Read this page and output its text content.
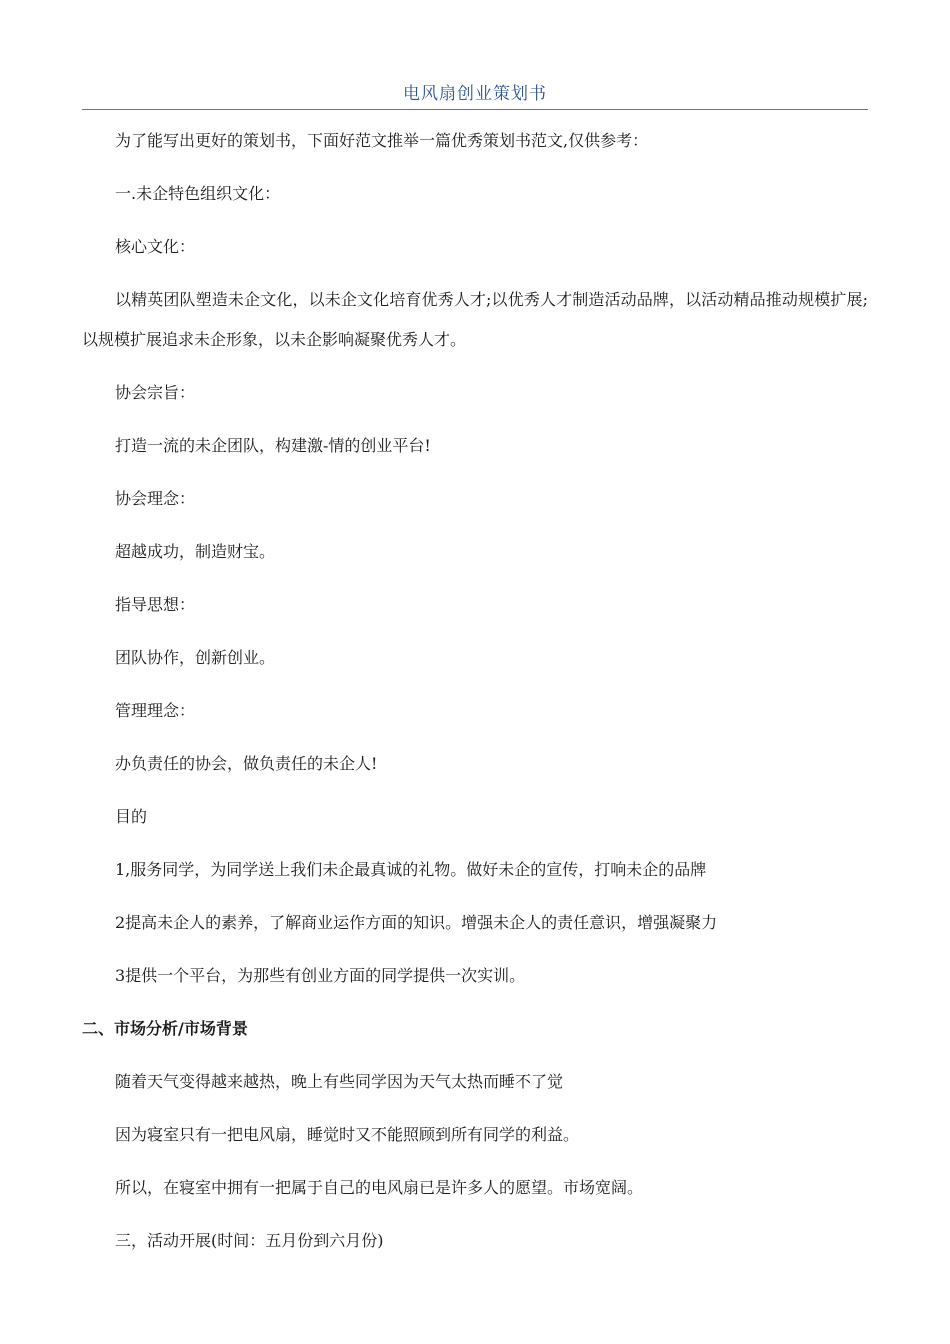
电风扇创业策划书
为了能写出更好的策划书，下面好范文推举一篇优秀策划书范文,仅供参考：
一.未企特色组织文化：
核心文化：
以精英团队塑造未企文化，以未企文化培育优秀人才;以优秀人才制造活动品牌，以活动精品推动规模扩展;以规模扩展追求未企形象，以未企影响凝聚优秀人才。
协会宗旨：
打造一流的未企团队，构建激-情的创业平台!
协会理念：
超越成功，制造财宝。
指导思想：
团队协作，创新创业。
管理理念：
办负责任的协会，做负责任的未企人!
目的
1,服务同学，为同学送上我们未企最真诚的礼物。做好未企的宣传，打响未企的品牌
2提高未企人的素养，了解商业运作方面的知识。增强未企人的责任意识，增强凝聚力
3提供一个平台，为那些有创业方面的同学提供一次实训。
二、市场分析/市场背景
随着天气变得越来越热，晚上有些同学因为天气太热而睡不了觉
因为寝室只有一把电风扇，睡觉时又不能照顾到所有同学的利益。
所以，在寝室中拥有一把属于自己的电风扇已是许多人的愿望。市场宽阔。
三，活动开展(时间：五月份到六月份)
